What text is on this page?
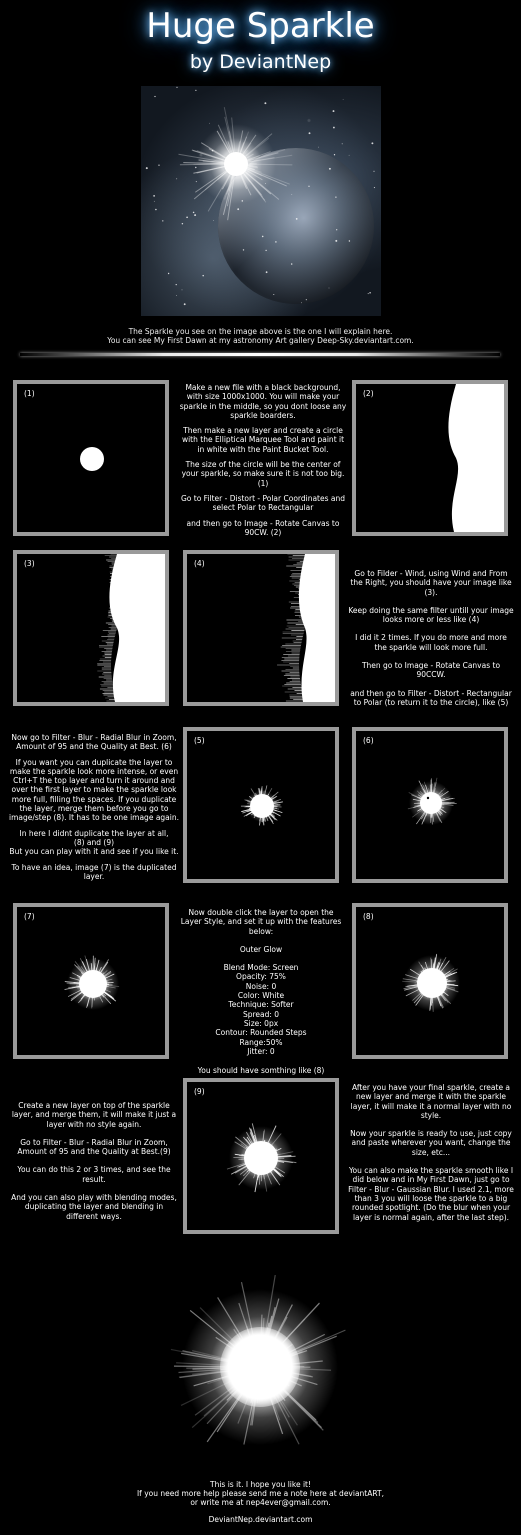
Huge Sparkle
by DeviantNep
The Sparkle you see on the image above is the one I will explain here.
You can see My First Dawn at my astronomy Art gallery Deep-Sky.deviantart.com.
(1)

Make a new file with a black background, with size 1000x1000. You will make your sparkle in the middle, so you dont loose any sparkle boarders.

Then make a new layer and create a circle with the Elliptical Marquee Tool and paint it in white with the Paint Bucket Tool.

The size of the circle will be the center of your sparkle, so make sure it is not too big. (1)

Go to Filter - Distort - Polar Coordinates and select Polar to Rectangular

and then go to Image - Rotate Canvas to 90CW. (2)

(2)
(3)	(4)

Go to Filder - Wind, using Wind and From the Right, you should have your image like (3).

Keep doing the same filter untill your image looks more or less like (4)

I did it 2 times. If you do more and more the sparkle will look more full.

Then go to Image - Rotate Canvas to 90CCW.

and then go to Filter - Distort - Rectangular to Polar (to return it to the circle), like (5)

Now go to Filter - Blur - Radial Blur in Zoom, Amount of 95 and the Quality at Best. (6)

If you want you can duplicate the layer to make the sparkle look more intense, or even Ctrl+T the top layer and turn it around and over the first layer to make the sparkle look more full, filling the spaces. If you duplicate the layer, merge them before you go to image/step (8). It has to be one image again.

In here I didnt duplicate the layer at all,

(8) and (9)

But you can play with it and see if you like it.

To have an idea, image (7) is the duplicated layer.

(5)	(6)
(7)	Now double click the layer to open the Layer Style, and set it up with the features below:

Outer Glow

Blend Mode: Screen
Opacity: 75%
Noise: 0
Color: White
Technique: Softer
Spread: 0
Size: 0px
Contour: Rounded Steps
Range:50%
Jitter: 0

You should have somthing like (8)

(8)

Create a new layer on top of the sparkle layer, and merge them, it will make it just a layer with no style again.

Go to Filter - Blur - Radial Blur in Zoom, Amount of 95 and the Quality at Best.(9)

You can do this 2 or 3 times, and see the result.

And you can also play with blending modes, duplicating the layer and blending in different ways.

(9)	After you have your final sparkle, create a new layer and merge it with the sparkle layer, it will make it a normal layer with no style.

Now your sparkle is ready to use, just copy and paste wherever you want, change the size, etc...

You can also make the sparkle smooth like I did below and in My First Dawn, just go to Filter - Blur - Gaussian Blur. I used 2.1, more than 3 you will loose the sparkle to a big rounded spotlight. (Do the blur when your layer is normal again, after the last step).

This is it. I hope you like it!
If you need more help please send me a note here at deviantART,
or write me at nep4ever@gmail.com.
DeviantNep.deviantart.com
